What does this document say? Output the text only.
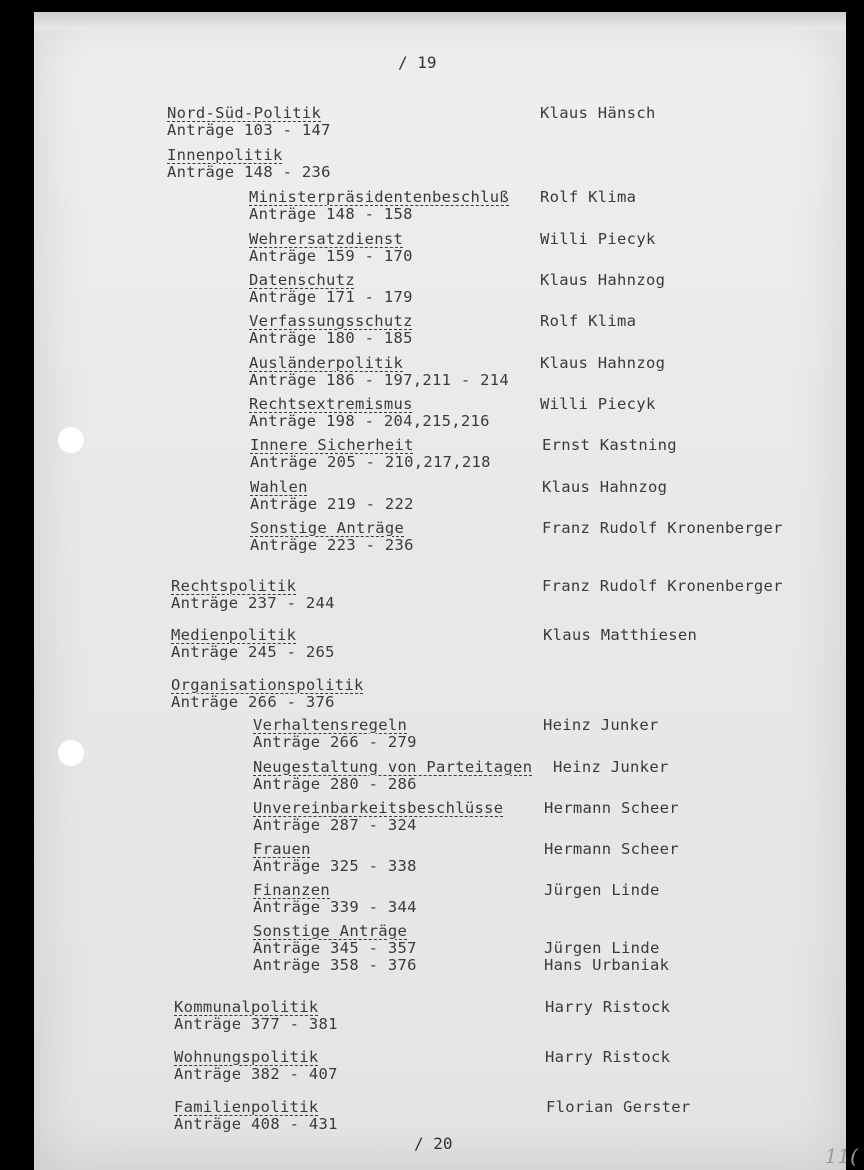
/ 19
Nord-Süd-Politik
Anträge 103 - 147
Klaus Hänsch
Innenpolitik
Anträge 148 - 236
Ministerpräsidentenbeschluß
Anträge 148 - 158
Rolf Klima
Wehrersatzdienst
Anträge 159 - 170
Willi Piecyk
Datenschutz
Anträge 171 - 179
Klaus Hahnzog
Verfassungsschutz
Anträge 180 - 185
Rolf Klima
Ausländerpolitik
Anträge 186 - 197,211 - 214
Klaus Hahnzog
Rechtsextremismus
Anträge 198 - 204,215,216
Willi Piecyk
Innere Sicherheit
Anträge 205 - 210,217,218
Ernst Kastning
Wahlen
Anträge 219 - 222
Klaus Hahnzog
Sonstige Anträge
Anträge 223 - 236
Franz Rudolf Kronenberger
Rechtspolitik
Anträge 237 - 244
Franz Rudolf Kronenberger
Medienpolitik
Anträge 245 - 265
Klaus Matthiesen
Organisationspolitik
Anträge 266 - 376
Verhaltensregeln
Anträge 266 - 279
Heinz Junker
Neugestaltung von Parteitagen
Anträge 280 - 286
Heinz Junker
Unvereinbarkeitsbeschlüsse
Anträge 287 - 324
Hermann Scheer
Frauen
Anträge 325 - 338
Hermann Scheer
Finanzen
Anträge 339 - 344
Jürgen Linde
Sonstige Anträge
Anträge 345 - 357	Jürgen Linde
Anträge 358 - 376	Hans Urbaniak
Kommunalpolitik
Anträge 377 - 381
Harry Ristock
Wohnungspolitik
Anträge 382 - 407
Harry Ristock
Familienpolitik
Anträge 408 - 431
Florian Gerster
/ 20
11(
